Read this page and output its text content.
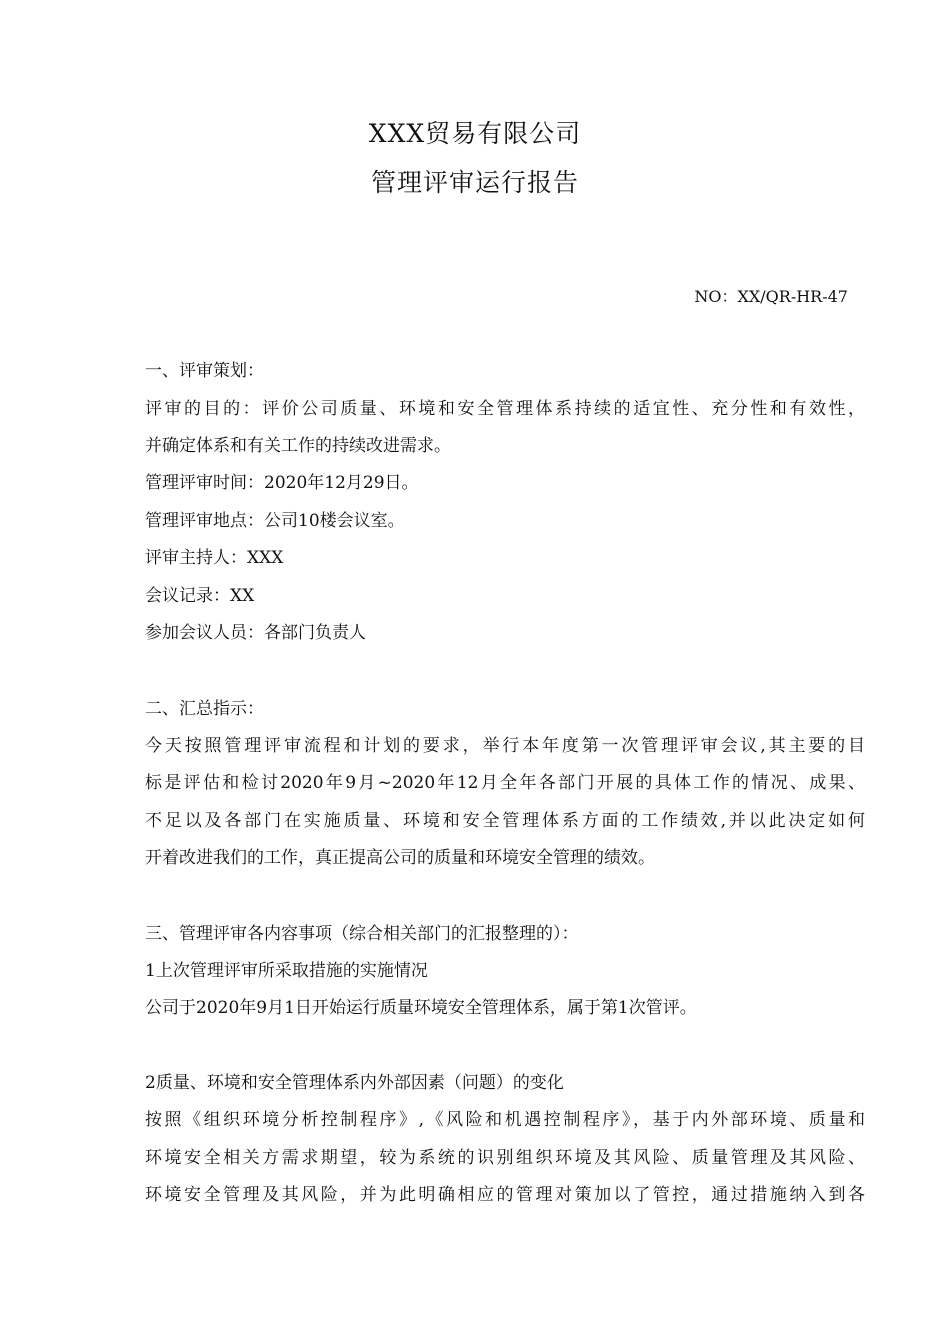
XXX贸易有限公司
管理评审运行报告
NO：XX/QR-HR-47
一、评审策划：
评审的目的：评价公司质量、环境和安全管理体系持续的适宜性、充分性和有效性，
并确定体系和有关工作的持续改进需求。
管理评审时间：2020年12月29日。
管理评审地点：公司10楼会议室。
评审主持人：XXX
会议记录：XX
参加会议人员：各部门负责人
二、汇总指示：
今天按照管理评审流程和计划的要求，举行本年度第一次管理评审会议,其主要的目
标是评估和检讨2020年9月~2020年12月全年各部门开展的具体工作的情况、成果、
不足以及各部门在实施质量、环境和安全管理体系方面的工作绩效,并以此决定如何
开着改进我们的工作，真正提高公司的质量和环境安全管理的绩效。
三、管理评审各内容事项（综合相关部门的汇报整理的）：
1上次管理评审所采取措施的实施情况
公司于2020年9月1日开始运行质量环境安全管理体系，属于第1次管评。
2质量、环境和安全管理体系内外部因素（问题）的变化
按照《组织环境分析控制程序》,《风险和机遇控制程序》，基于内外部环境、质量和
环境安全相关方需求期望，较为系统的识别组织环境及其风险、质量管理及其风险、
环境安全管理及其风险，并为此明确相应的管理对策加以了管控，通过措施纳入到各
